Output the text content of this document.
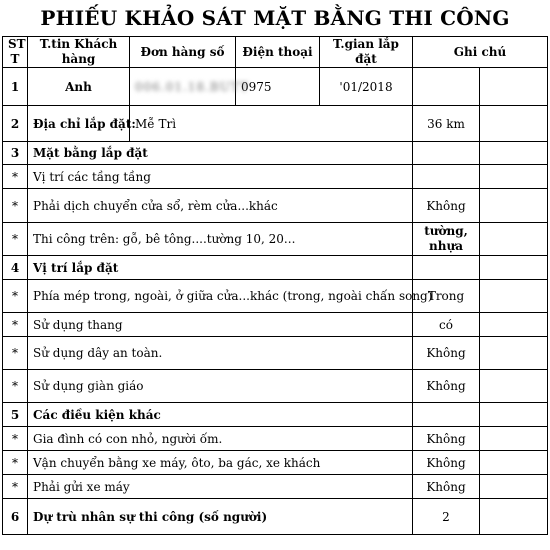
PHIẾU KHẢO SÁT MẶT BẰNG THI CÔNG
ST T	T.tin Khách hàng	Đơn hàng số	Điện thoại	T.gian lắp đặt	Ghi chú	
1	Anh	006.01.18.BUTT	0975	'01/2018		
2	Địa chỉ lắp đặt:	Mễ Trì			36 km	
3	Mặt bằng lắp đặt					
*	Vị trí các tầng tầng					
*	Phải dịch chuyển cửa sổ, rèm cửa...khác				Không	
*	Thi công trên: gỗ, bê tông....tường 10, 20...				tường, nhựa	
4	Vị trí lắp đặt					
*	Phía mép trong, ngoài, ở giữa cửa...khác (trong, ngoài chấn song)				Trong	
*	Sử dụng thang				có	
*	Sử dụng dây an toàn.				Không	
*	Sử dụng giàn giáo				Không	
5	Các điều kiện khác					
*	Gia đình có con nhỏ, người ốm.				Không	
*	Vận chuyển bằng xe máy, ôto, ba gác, xe khách				Không	
*	Phải gửi xe máy				Không	
6	Dự trù nhân sự thi công (số người)				2	
